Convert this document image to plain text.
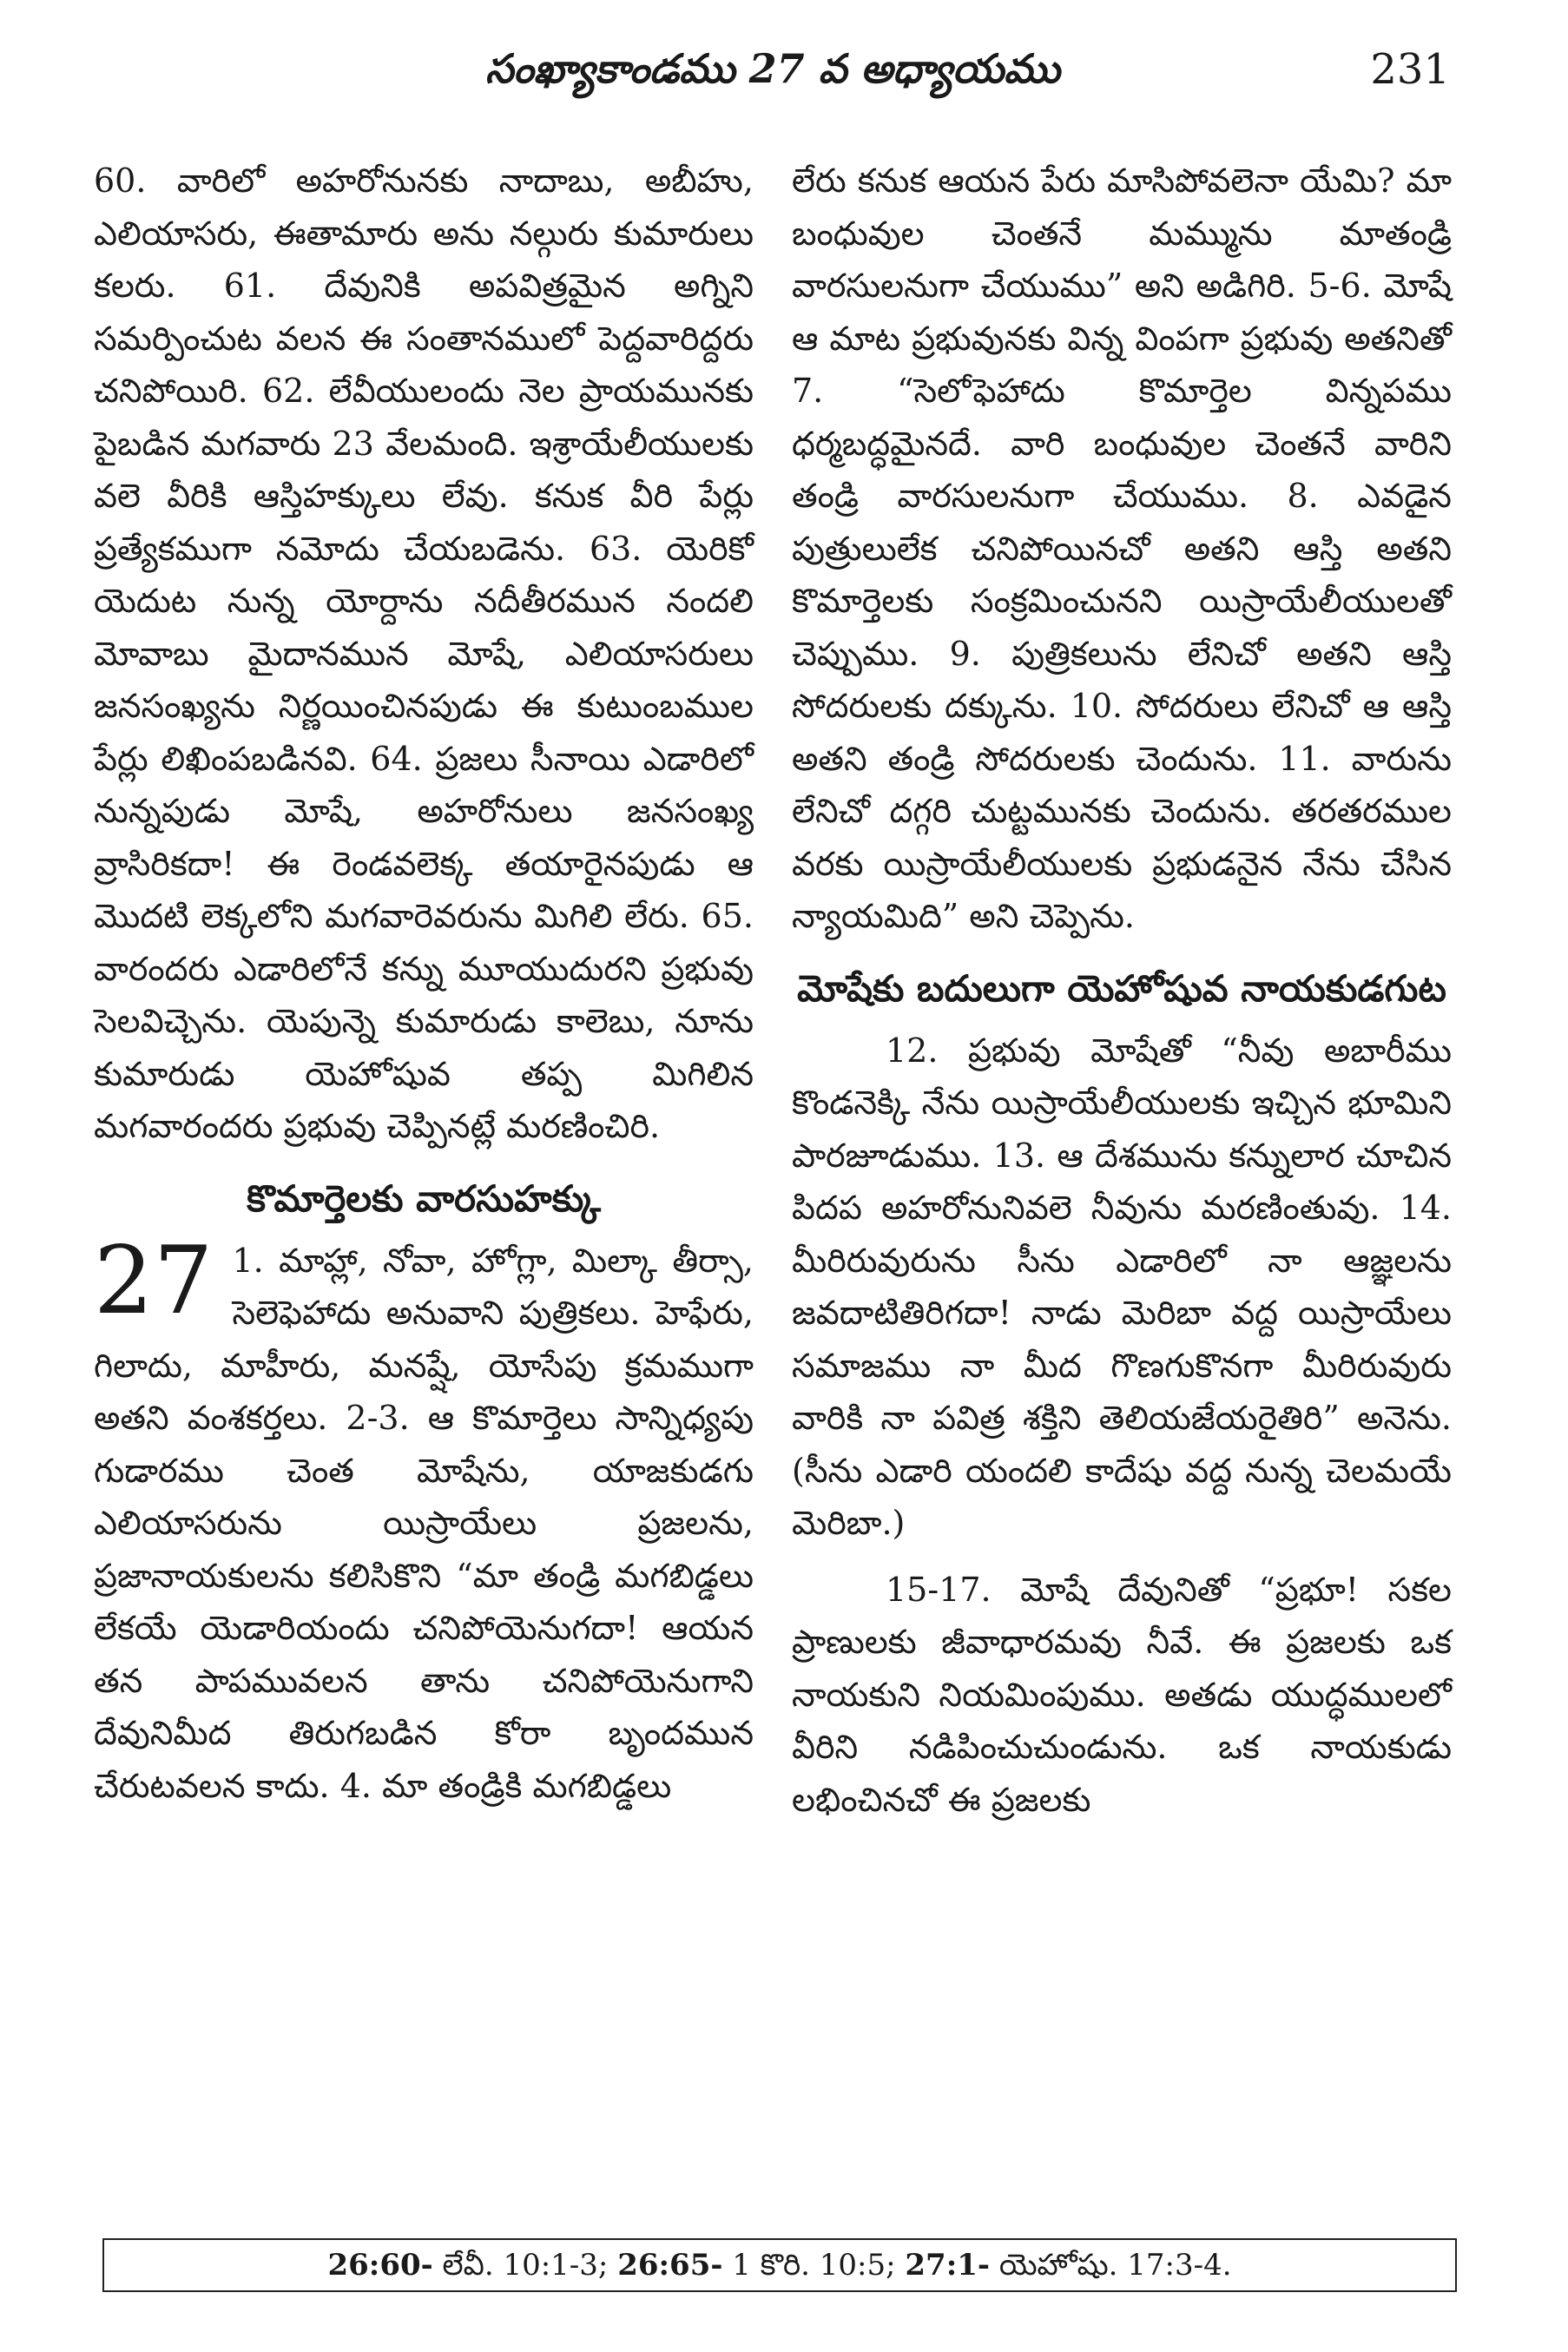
సంఖ్యాకాండము 27 వ అధ్యాయము	231

60. వారిలో అహరోనునకు నాదాబు, అబీహు, ఎలియాసరు, ఈతామారు అను నల్గురు కుమారులు కలరు. 61. దేవునికి అపవిత్రమైన అగ్నిని సమర్పించుట వలన ఈ సంతానములో పెద్దవారిద్దరు చనిపోయిరి. 62. లేవీయులందు నెల ప్రాయమునకు పైబడిన మగవారు 23 వేలమంది. ఇశ్రాయేలీయులకు వలె వీరికి ఆస్తిహక్కులు లేవు. కనుక వీరి పేర్లు ప్రత్యేకముగా నమోదు చేయబడెను. 63. యెరికో యెదుట నున్న యోర్దాను నదీతీరమున నందలి మోవాబు మైదానమున మోషే, ఎలియాసరులు జనసంఖ్యను నిర్ణయించినపుడు ఈ కుటుంబముల పేర్లు లిఖింపబడినవి. 64. ప్రజలు సీనాయి ఎడారిలో నున్నపుడు మోషే, అహరోనులు జనసంఖ్య వ్రాసిరికదా! ఈ రెండవలెక్క తయారైనపుడు ఆ మొదటి లెక్కలోని మగవారెవరును మిగిలి లేరు. 65. వారందరు ఎడారిలోనే కన్ను మూయుదురని ప్రభువు సెలవిచ్చెను. యెపున్నె కుమారుడు కాలెబు, నూను కుమారుడు యెహోషువ తప్ప మిగిలిన మగవారందరు ప్రభువు చెప్పినట్లే మరణించిరి.

కొమార్తెలకు వారసుహక్కు

27 1. మాహ్లా, నోవా, హోగ్లా, మిల్కా తీర్సా, సెలెఫెహాదు అనువాని పుత్రికలు. హెఫేరు, గిలాదు, మాహీరు, మనష్షే, యోసేపు క్రమముగా అతని వంశకర్తలు. 2-3. ఆ కొమార్తెలు సాన్నిధ్యపు గుడారము చెంత మోషేను, యాజకుడగు ఎలియాసరును యిస్రాయేలు ప్రజలను, ప్రజానాయకులను కలిసికొని “మా తండ్రి మగబిడ్డలు లేకయే యెడారియందు చనిపోయెనుగదా! ఆయన తన పాపమువలన తాను చనిపోయెనుగాని దేవునిమీద తిరుగబడిన కోరా బృందమున చేరుటవలన కాదు. 4. మా తండ్రికి మగబిడ్డలు

లేరు కనుక ఆయన పేరు మాసిపోవలెనా యేమి? మా బంధువుల చెంతనే మమ్మును మాతండ్రి వారసులనుగా చేయుము” అని అడిగిరి. 5-6. మోషే ఆ మాట ప్రభువునకు విన్న వింపగా ప్రభువు అతనితో 7. “సెలోఫెహాదు కొమార్తెల విన్నపము ధర్మబద్ధమైనదే. వారి బంధువుల చెంతనే వారిని తండ్రి వారసులనుగా చేయుము. 8. ఎవడైన పుత్రులులేక చనిపోయినచో అతని ఆస్తి అతని కొమార్తెలకు సంక్రమించునని యిస్రాయేలీయులతో చెప్పుము. 9. పుత్రికలును లేనిచో అతని ఆస్తి సోదరులకు దక్కును. 10. సోదరులు లేనిచో ఆ ఆస్తి అతని తండ్రి సోదరులకు చెందును. 11. వారును లేనిచో దగ్గరి చుట్టమునకు చెందును. తరతరముల వరకు యిస్రాయేలీయులకు ప్రభుడనైన నేను చేసిన న్యాయమిది” అని చెప్పెను.

మోషేకు బదులుగా యెహోషువ నాయకుడగుట

12. ప్రభువు మోషేతో “నీవు అబారీము కొండనెక్కి నేను యిస్రాయేలీయులకు ఇచ్చిన భూమిని పారజూడుము. 13. ఆ దేశమును కన్నులార చూచిన పిదప అహరోనునివలె నీవును మరణింతువు. 14. మీరిరువురును సీను ఎడారిలో నా ఆజ్ఞలను జవదాటితిరిగదా! నాడు మెరిబా వద్ద యిస్రాయేలు సమాజము నా మీద గొణగుకొనగా మీరిరువురు వారికి నా పవిత్ర శక్తిని తెలియజేయరైతిరి” అనెను. (సీను ఎడారి యందలి కాదేషు వద్ద నున్న చెలమయే మెరిబా.)

15-17. మోషే దేవునితో “ప్రభూ! సకల ప్రాణులకు జీవాధారమవు నీవే. ఈ ప్రజలకు ఒక నాయకుని నియమింపుము. అతడు యుద్ధములలో వీరిని నడిపించుచుండును. ఒక నాయకుడు లభించినచో ఈ ప్రజలకు

26:60- లేవీ. 10:1-3; 26:65- 1 కొరి. 10:5; 27:1- యెహోషు. 17:3-4.
